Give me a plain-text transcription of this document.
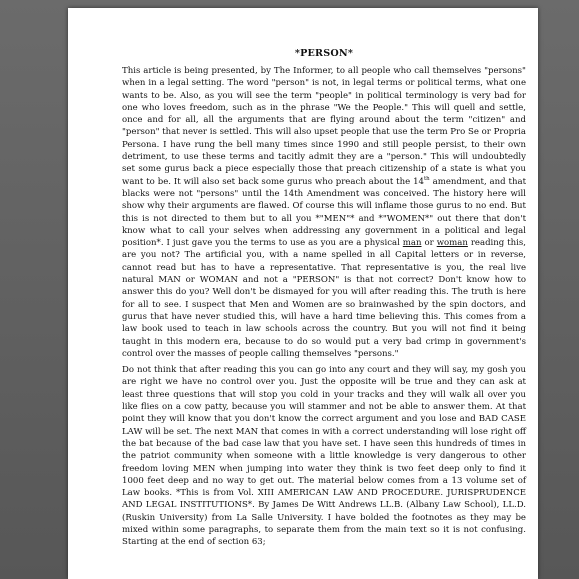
*PERSON*

This article is being presented, by The Informer, to all people who call themselves "persons" when in a legal setting. The word "person" is not, in legal terms or political terms, what one wants to be. Also, as you will see the term "people" in political terminology is very bad for one who loves freedom, such as in the phrase "We the People." This will quell and settle, once and for all, all the arguments that are flying around about the term "citizen" and "person" that never is settled. This will also upset people that use the term Pro Se or Propria Persona. I have rung the bell many times since 1990 and still people persist, to their own detriment, to use these terms and tacitly admit they are a "person." This will undoubtedly set some gurus back a piece especially those that preach citizenship of a state is what you want to be. It will also set back some gurus who preach about the 14th amendment, and that blacks were not "persons" until the 14th Amendment was conceived. The history here will show why their arguments are flawed. Of course this will inflame those gurus to no end. But this is not directed to them but to all you *"MEN"* and *"WOMEN*" out there that don't know what to call your selves when addressing any government in a political and legal position*. I just gave you the terms to use as you are a physical man or woman reading this, are you not? The artificial you, with a name spelled in all Capital letters or in reverse, cannot read but has to have a representative. That representative is you, the real live natural MAN or WOMAN and not a "PERSON" is that not correct? Don't know how to answer this do you? Well don't be dismayed for you will after reading this. The truth is here for all to see. I suspect that Men and Women are so brainwashed by the spin doctors, and gurus that have never studied this, will have a hard time believing this. This comes from a law book used to teach in law schools across the country. But you will not find it being taught in this modern era, because to do so would put a very bad crimp in government's control over the masses of people calling themselves "persons."

Do not think that after reading this you can go into any court and they will say, my gosh you are right we have no control over you. Just the opposite will be true and they can ask at least three questions that will stop you cold in your tracks and they will walk all over you like flies on a cow patty, because you will stammer and not be able to answer them. At that point they will know that you don't know the correct argument and you lose and BAD CASE LAW will be set. The next MAN that comes in with a correct understanding will lose right off the bat because of the bad case law that you have set. I have seen this hundreds of times in the patriot community when someone with a little knowledge is very dangerous to other freedom loving MEN when jumping into water they think is two feet deep only to find it 1000 feet deep and no way to get out. The material below comes from a 13 volume set of Law books. *This is from Vol. XIII AMERICAN LAW AND PROCEDURE. JURISPRUDENCE AND LEGAL INSTITUTIONS*. By James De Witt Andrews LL.B. (Albany Law School), LL.D. (Ruskin University) from La Salle University. I have bolded the footnotes as they may be mixed within some paragraphs, to separate them from the main text so it is not confusing. Starting at the end of section 63;
